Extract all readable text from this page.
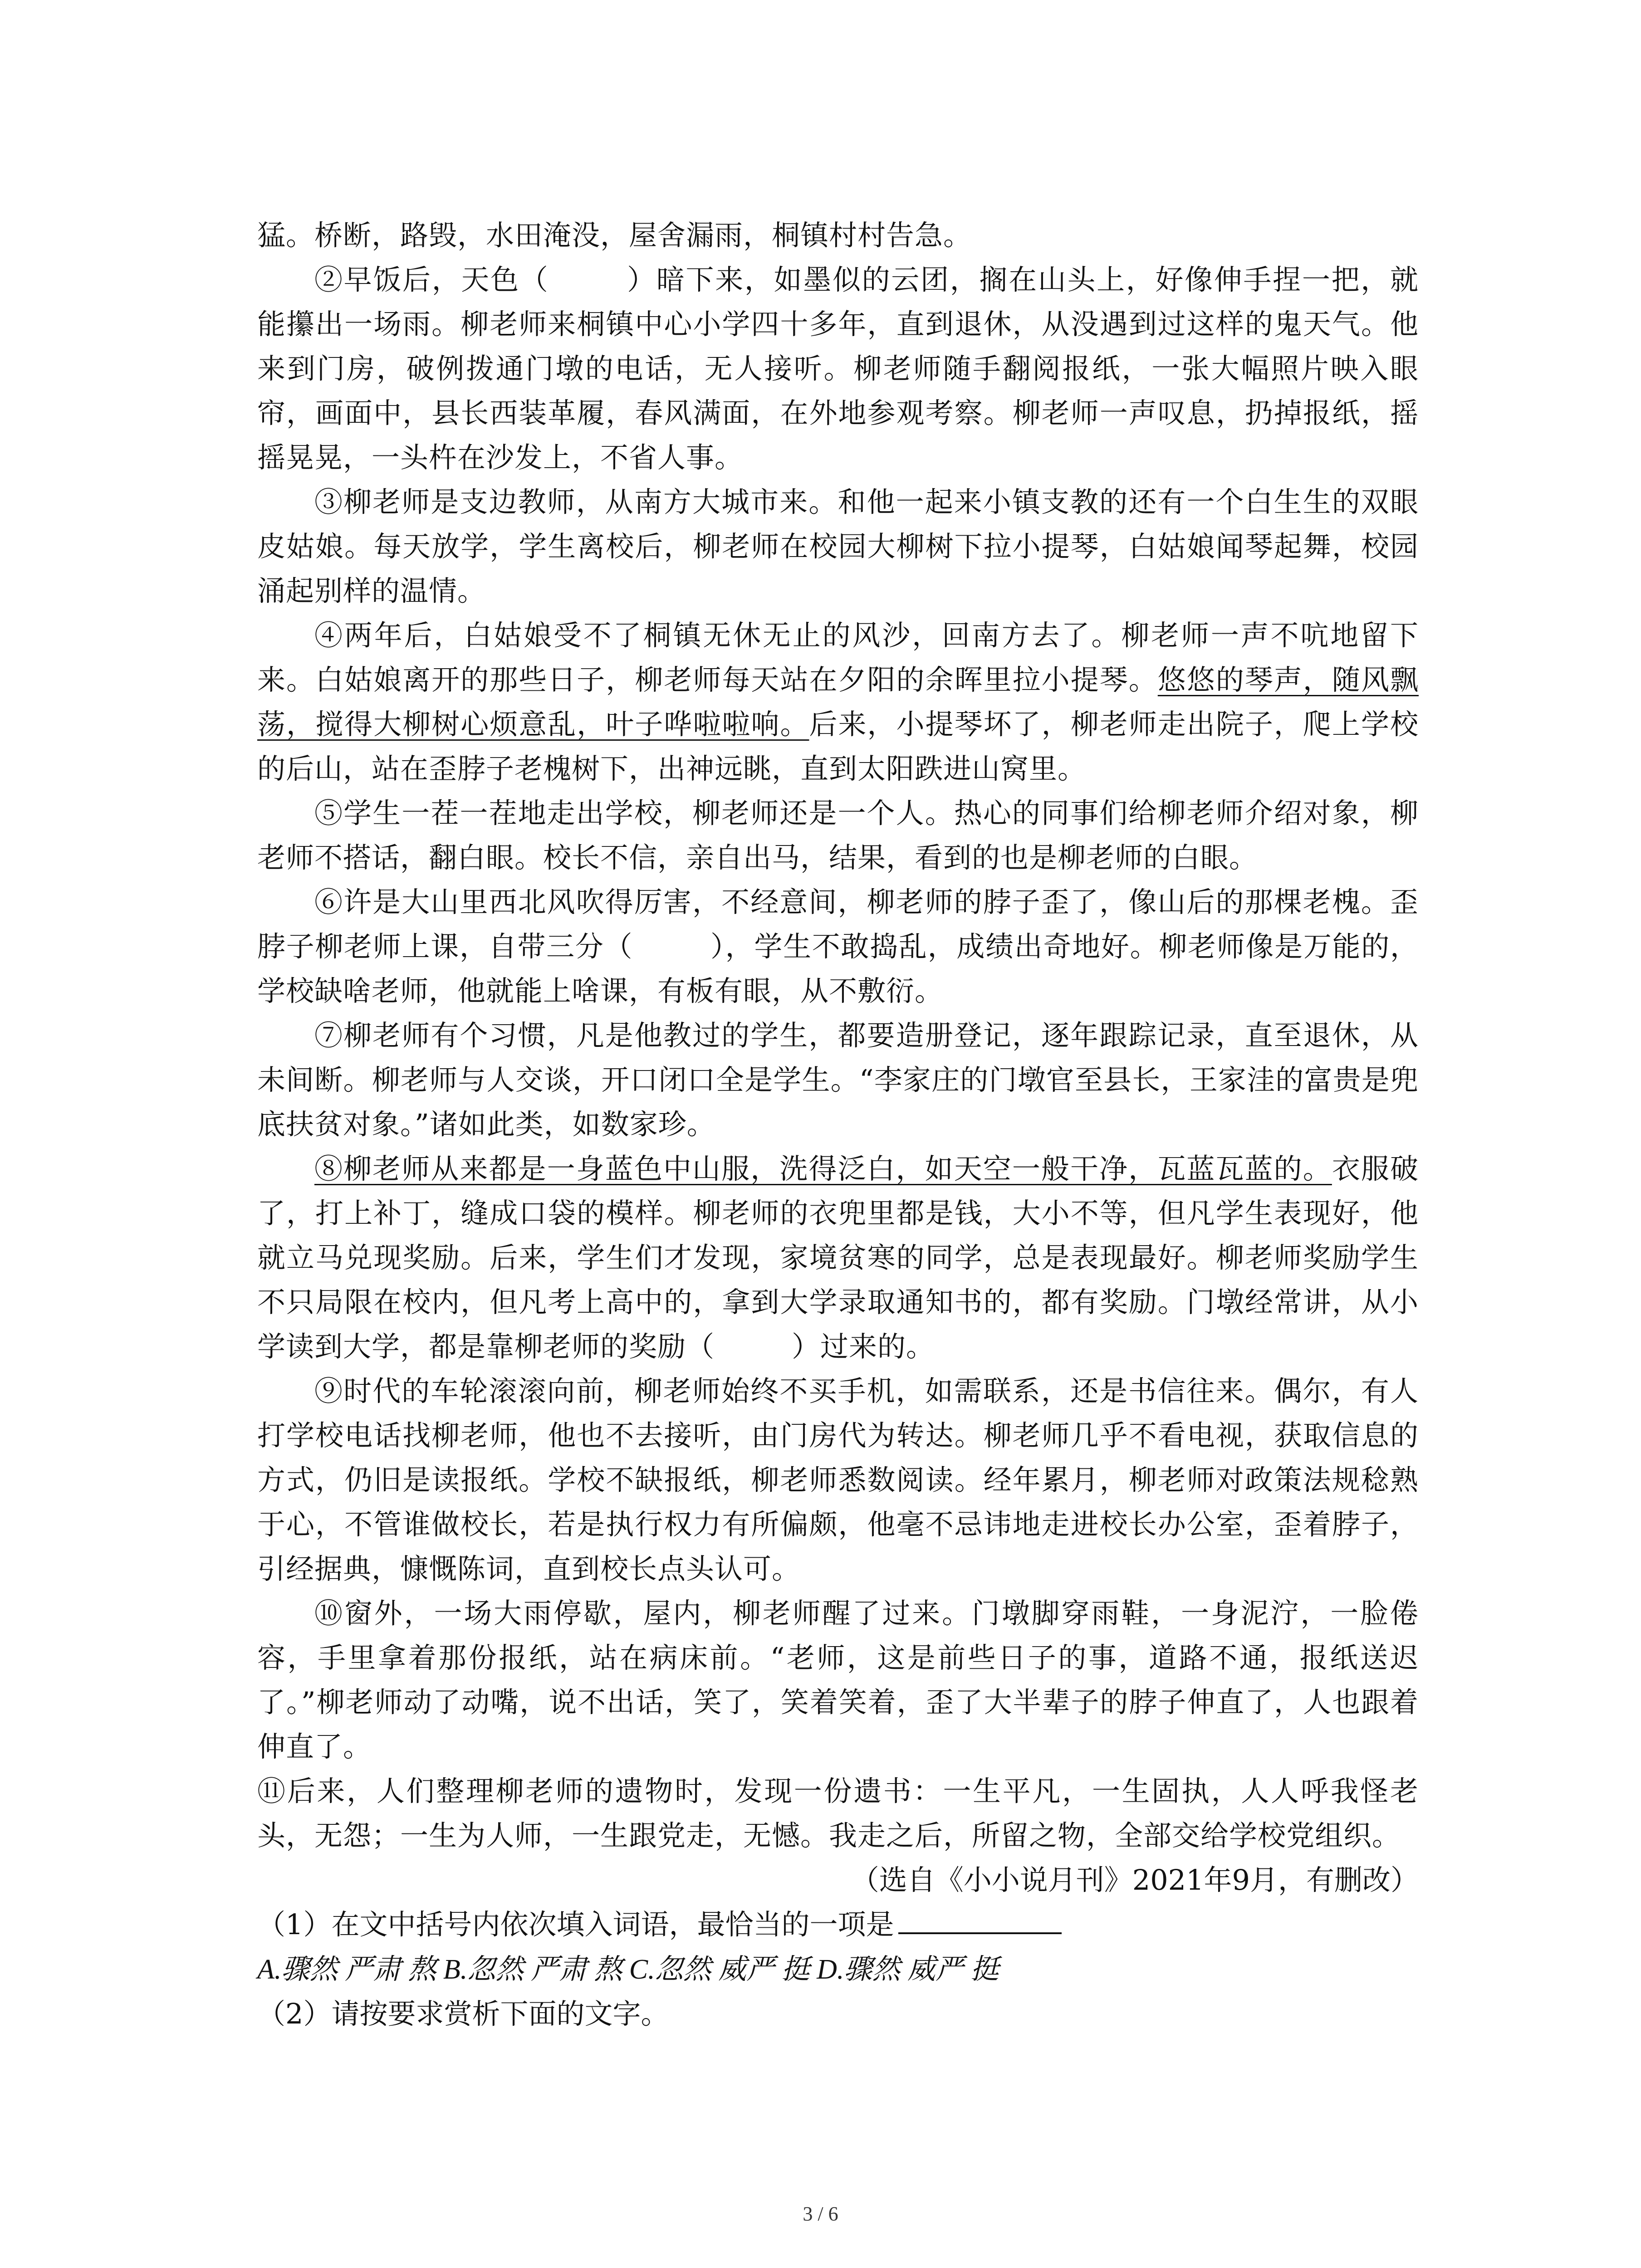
猛。桥断，路毁，水田淹没，屋舍漏雨，桐镇村村告急。

②早饭后，天色（	）暗下来，如墨似的云团，搁在山头上，好像伸手捏一把，就能攥出一场雨。柳老师来桐镇中心小学四十多年，直到退休，从没遇到过这样的鬼天气。他来到门房，破例拨通门墩的电话，无人接听。柳老师随手翻阅报纸，一张大幅照片映入眼帘，画面中，县长西装革履，春风满面，在外地参观考察。柳老师一声叹息，扔掉报纸，摇摇晃晃，一头杵在沙发上，不省人事。

③柳老师是支边教师，从南方大城市来。和他一起来小镇支教的还有一个白生生的双眼皮姑娘。每天放学，学生离校后，柳老师在校园大柳树下拉小提琴，白姑娘闻琴起舞，校园涌起别样的温情。

④两年后，白姑娘受不了桐镇无休无止的风沙，回南方去了。柳老师一声不吭地留下来。白姑娘离开的那些日子，柳老师每天站在夕阳的余晖里拉小提琴。悠悠的琴声，随风飘荡，搅得大柳树心烦意乱，叶子哗啦啦响。后来，小提琴坏了，柳老师走出院子，爬上学校的后山，站在歪脖子老槐树下，出神远眺，直到太阳跌进山窝里。

⑤学生一茬一茬地走出学校，柳老师还是一个人。热心的同事们给柳老师介绍对象，柳老师不搭话，翻白眼。校长不信，亲自出马，结果，看到的也是柳老师的白眼。

⑥许是大山里西北风吹得厉害，不经意间，柳老师的脖子歪了，像山后的那棵老槐。歪脖子柳老师上课，自带三分（	），学生不敢捣乱，成绩出奇地好。柳老师像是万能的，学校缺啥老师，他就能上啥课，有板有眼，从不敷衍。

⑦柳老师有个习惯，凡是他教过的学生，都要造册登记，逐年跟踪记录，直至退休，从未间断。柳老师与人交谈，开口闭口全是学生。“李家庄的门墩官至县长，王家洼的富贵是兜底扶贫对象。”诸如此类，如数家珍。

⑧柳老师从来都是一身蓝色中山服，洗得泛白，如天空一般干净，瓦蓝瓦蓝的。衣服破了，打上补丁，缝成口袋的模样。柳老师的衣兜里都是钱，大小不等，但凡学生表现好，他就立马兑现奖励。后来，学生们才发现，家境贫寒的同学，总是表现最好。柳老师奖励学生不只局限在校内，但凡考上高中的，拿到大学录取通知书的，都有奖励。门墩经常讲，从小学读到大学，都是靠柳老师的奖励（	）过来的。

⑨时代的车轮滚滚向前，柳老师始终不买手机，如需联系，还是书信往来。偶尔，有人打学校电话找柳老师，他也不去接听，由门房代为转达。柳老师几乎不看电视，获取信息的方式，仍旧是读报纸。学校不缺报纸，柳老师悉数阅读。经年累月，柳老师对政策法规稔熟于心，不管谁做校长，若是执行权力有所偏颇，他毫不忌讳地走进校长办公室，歪着脖子，引经据典，慷慨陈词，直到校长点头认可。

⑩窗外，一场大雨停歇，屋内，柳老师醒了过来。门墩脚穿雨鞋，一身泥泞，一脸倦容，手里拿着那份报纸，站在病床前。“老师，这是前些日子的事，道路不通，报纸送迟了。”柳老师动了动嘴，说不出话，笑了，笑着笑着，歪了大半辈子的脖子伸直了，人也跟着伸直了。

⑪后来，人们整理柳老师的遗物时，发现一份遗书：一生平凡，一生固执，人人呼我怪老头，无怨；一生为人师，一生跟党走，无憾。我走之后，所留之物，全部交给学校党组织。

（选自《小小说月刊》2021年9月，有删改）

（1）在文中括号内依次填入词语，最恰当的一项是

A.骤然 严肃 熬 B.忽然 严肃 熬 C.忽然 威严 挺 D.骤然 威严 挺

（2）请按要求赏析下面的文字。

3 / 6
